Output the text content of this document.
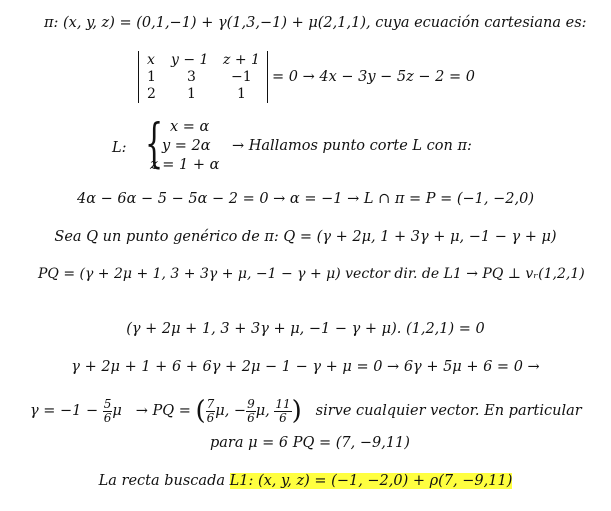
π: (x, y, z) = (0,1,−1) + γ(1,3,−1) + μ(2,1,1), cuya ecuación cartesiana es:
x y − 1 z + 1
1 3	−1
2 1	1
= 0 → 4x − 3y − 5z − 2 = 0
L: { x = α
y = 2α
z = 1 + α
→ Hallamos punto corte L con π:
4α − 6α − 5 − 5α − 2 = 0 → α = −1 → L ∩ π = P = (−1, −2,0)
Sea Q un punto genérico de π: Q = (γ + 2μ, 1 + 3γ + μ, −1 − γ + μ)
PQ = (γ + 2μ + 1, 3 + 3γ + μ, −1 − γ + μ) vector dir. de L1 → PQ ⊥ vᵣ(1,2,1)
(γ + 2μ + 1, 3 + 3γ + μ, −1 − γ + μ). (1,2,1) = 0
γ + 2μ + 1 + 6 + 6γ + 2μ − 1 − γ + μ = 0 → 6γ + 5μ + 6 = 0 →
$\gamma = -1 - \frac{5}{6}$ μ → PQ = ( $\frac{7}{6} \mu$, − $\frac{9}{6} \mu$, $\frac{11}{6}$ ) sirve cualquier vector. En particular
para μ = 6 PQ = (7, −9,11)
La recta buscada L1: (x, y, z) = (−1, −2,0) + ρ(7, −9,11)
